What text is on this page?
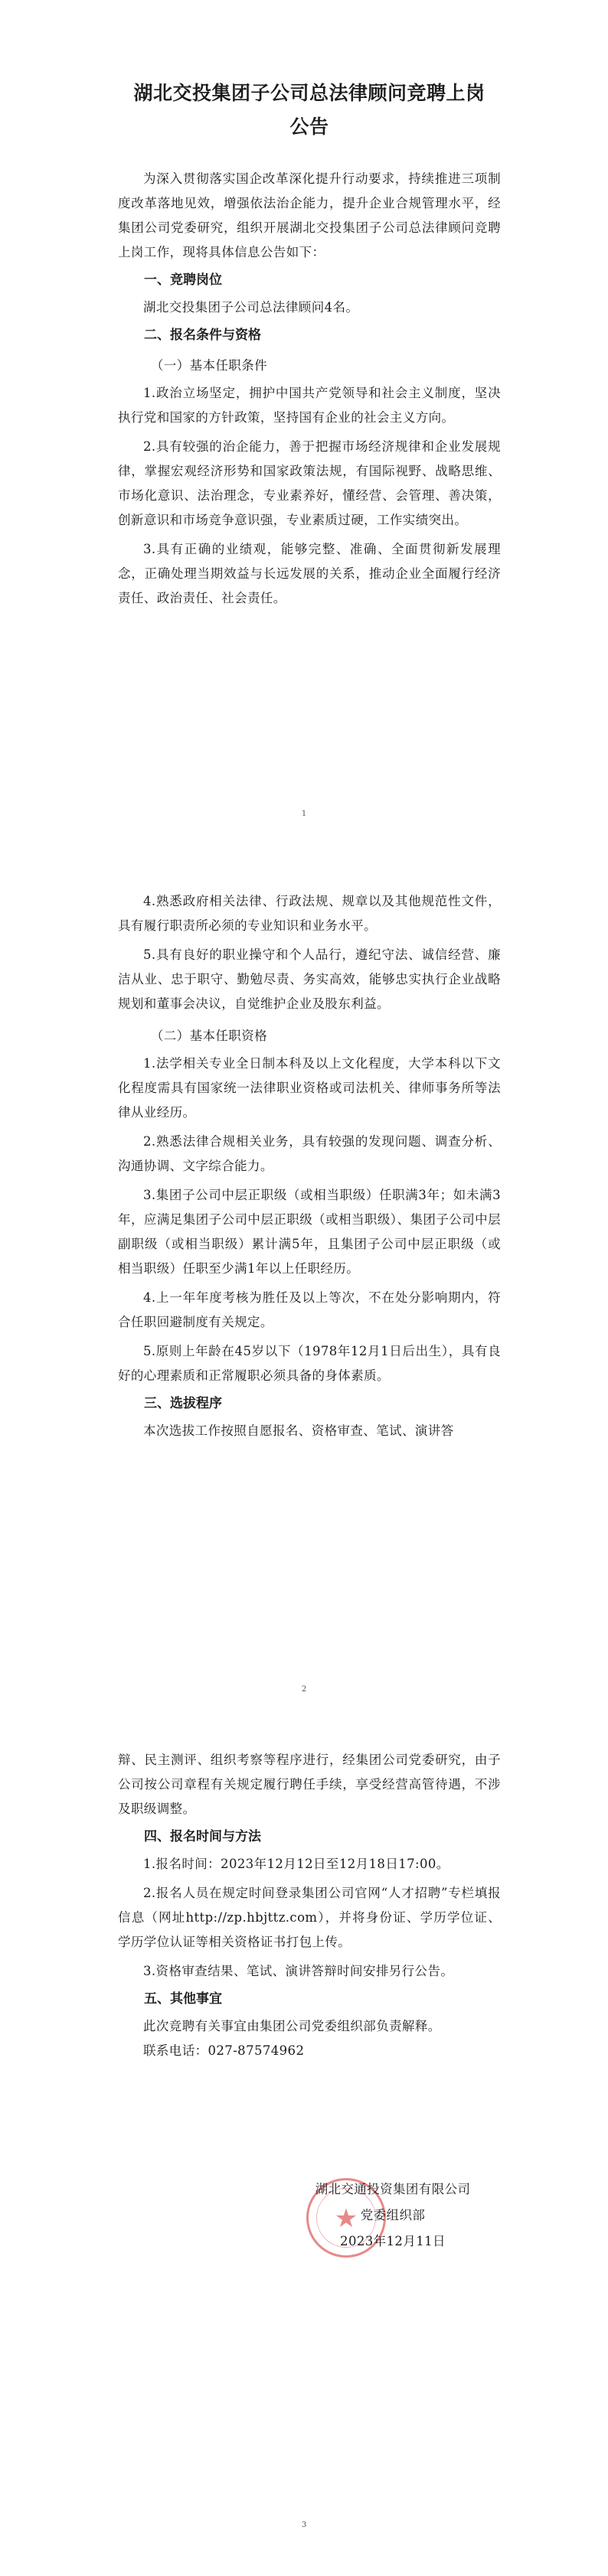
湖北交投集团子公司总法律顾问竞聘上岗
公告

为深入贯彻落实国企改革深化提升行动要求，持续推进三项制度改革落地见效，增强依法治企能力，提升企业合规管理水平，经集团公司党委研究，组织开展湖北交投集团子公司总法律顾问竞聘上岗工作，现将具体信息公告如下：

一、竞聘岗位

湖北交投集团子公司总法律顾问4名。

二、报名条件与资格
（一）基本任职条件

1.政治立场坚定，拥护中国共产党领导和社会主义制度，坚决执行党和国家的方针政策，坚持国有企业的社会主义方向。

2.具有较强的治企能力，善于把握市场经济规律和企业发展规律，掌握宏观经济形势和国家政策法规，有国际视野、战略思维、市场化意识、法治理念，专业素养好，懂经营、会管理、善决策，创新意识和市场竞争意识强，专业素质过硬，工作实绩突出。

3.具有正确的业绩观，能够完整、准确、全面贯彻新发展理念，正确处理当期效益与长远发展的关系，推动企业全面履行经济责任、政治责任、社会责任。

1

4.熟悉政府相关法律、行政法规、规章以及其他规范性文件，具有履行职责所必须的专业知识和业务水平。

5.具有良好的职业操守和个人品行，遵纪守法、诚信经营、廉洁从业、忠于职守、勤勉尽责、务实高效，能够忠实执行企业战略规划和董事会决议，自觉维护企业及股东利益。

（二）基本任职资格

1.法学相关专业全日制本科及以上文化程度，大学本科以下文化程度需具有国家统一法律职业资格或司法机关、律师事务所等法律从业经历。

2.熟悉法律合规相关业务，具有较强的发现问题、调查分析、沟通协调、文字综合能力。

3.集团子公司中层正职级（或相当职级）任职满3年；如未满3年，应满足集团子公司中层正职级（或相当职级）、集团子公司中层副职级（或相当职级）累计满5年，且集团子公司中层正职级（或相当职级）任职至少满1年以上任职经历。

4.上一年年度考核为胜任及以上等次，不在处分影响期内，符合任职回避制度有关规定。

5.原则上年龄在45岁以下（1978年12月1日后出生），具有良好的心理素质和正常履职必须具备的身体素质。

三、选拔程序

本次选拔工作按照自愿报名、资格审查、笔试、演讲答

2

辩、民主测评、组织考察等程序进行，经集团公司党委研究，由子公司按公司章程有关规定履行聘任手续，享受经营高管待遇，不涉及职级调整。

四、报名时间与方法

1.报名时间：2023年12月12日至12月18日17:00。

2.报名人员在规定时间登录集团公司官网“人才招聘”专栏填报信息（网址http://zp.hbjttz.com），并将身份证、学历学位证、学历学位认证等相关资格证书打包上传。

3.资格审查结果、笔试、演讲答辩时间安排另行公告。

五、其他事宜

此次竞聘有关事宜由集团公司党委组织部负责解释。

联系电话：027-87574962

★
湖北交通投资集团有限公司
党委组织部
2023年12月11日
3
